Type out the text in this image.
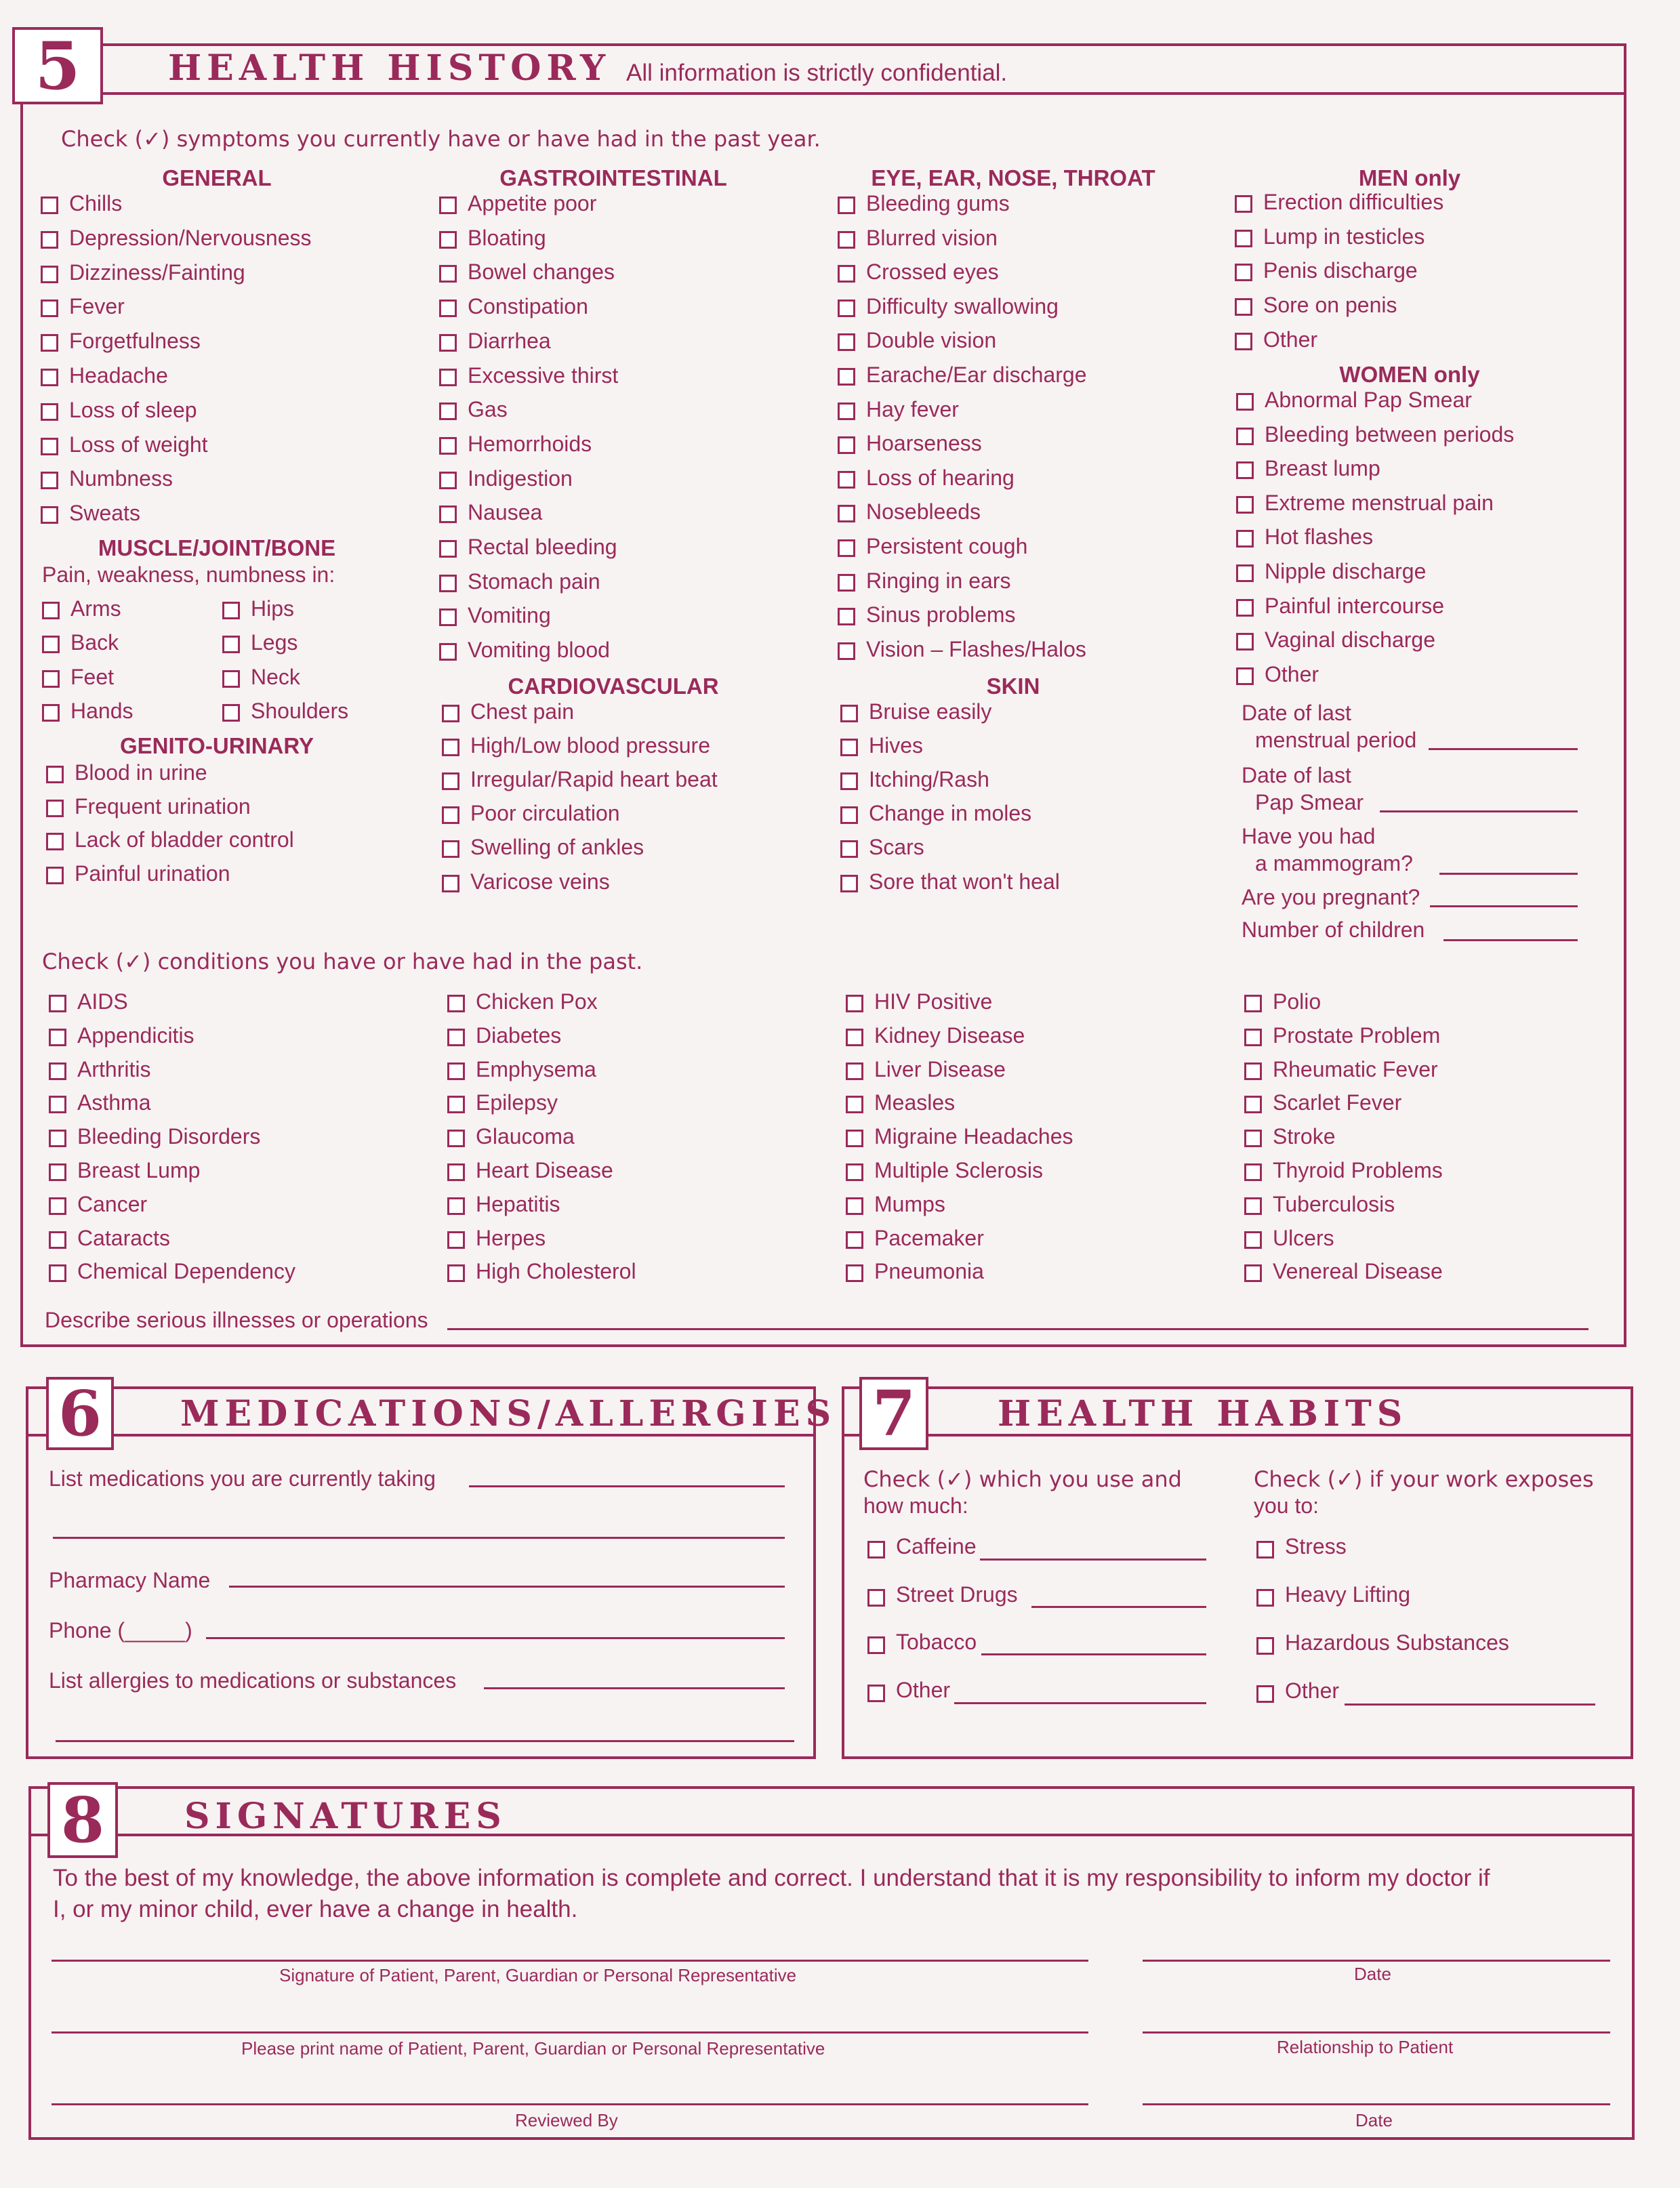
5	HEALTH HISTORY All information is strictly confidential.
Check (✓) symptoms you currently have or have had in the past year.
GENERAL
Chills
Depression/Nervousness
Dizziness/Fainting
Fever
Forgetfulness
Headache
Loss of sleep
Loss of weight
Numbness
Sweats
MUSCLE/JOINT/BONE
Pain, weakness, numbness in:
Arms
Back
Feet
Hands
Hips
Legs
Neck
Shoulders
GENITO-URINARY
Blood in urine
Frequent urination
Lack of bladder control
Painful urination
GASTROINTESTINAL
Appetite poor
Bloating
Bowel changes
Constipation
Diarrhea
Excessive thirst
Gas
Hemorrhoids
Indigestion
Nausea
Rectal bleeding
Stomach pain
Vomiting
Vomiting blood
CARDIOVASCULAR
Chest pain
High/Low blood pressure
Irregular/Rapid heart beat
Poor circulation
Swelling of ankles
Varicose veins
EYE, EAR, NOSE, THROAT
Bleeding gums
Blurred vision
Crossed eyes
Difficulty swallowing
Double vision
Earache/Ear discharge
Hay fever
Hoarseness
Loss of hearing
Nosebleeds
Persistent cough
Ringing in ears
Sinus problems
Vision – Flashes/Halos
SKIN
Bruise easily
Hives
Itching/Rash
Change in moles
Scars
Sore that won't heal
MEN only
Erection difficulties
Lump in testicles
Penis discharge
Sore on penis
Other
WOMEN only
Abnormal Pap Smear
Bleeding between periods
Breast lump
Extreme menstrual pain
Hot flashes
Nipple discharge
Painful intercourse
Vaginal discharge
Other
Date of last
menstrual period
Date of last
Pap Smear
Have you had
a mammogram?
Are you pregnant?
Number of children
Check (✓) conditions you have or have had in the past.
AIDS
Appendicitis
Arthritis
Asthma
Bleeding Disorders
Breast Lump
Cancer
Cataracts
Chemical Dependency
Chicken Pox
Diabetes
Emphysema
Epilepsy
Glaucoma
Heart Disease
Hepatitis
Herpes
High Cholesterol
HIV Positive
Kidney Disease
Liver Disease
Measles
Migraine Headaches
Multiple Sclerosis
Mumps
Pacemaker
Pneumonia
Polio
Prostate Problem
Rheumatic Fever
Scarlet Fever
Stroke
Thyroid Problems
Tuberculosis
Ulcers
Venereal Disease
Describe serious illnesses or operations
6	MEDICATIONS/ALLERGIES
List medications you are currently taking
Pharmacy Name
Phone (_____)
List allergies to medications or substances
7	HEALTH HABITS
Check (✓) which you use and
how much:
Check (✓) if your work exposes
you to:
Caffeine
Street Drugs
Tobacco
Other
Stress
Heavy Lifting
Hazardous Substances
Other
8	SIGNATURES
To the best of my knowledge, the above information is complete and correct. I understand that it is my responsibility to inform my doctor if
I, or my minor child, ever have a change in health.
Signature of Patient, Parent, Guardian or Personal Representative	Date
Please print name of Patient, Parent, Guardian or Personal Representative	Relationship to Patient
Reviewed By	Date
